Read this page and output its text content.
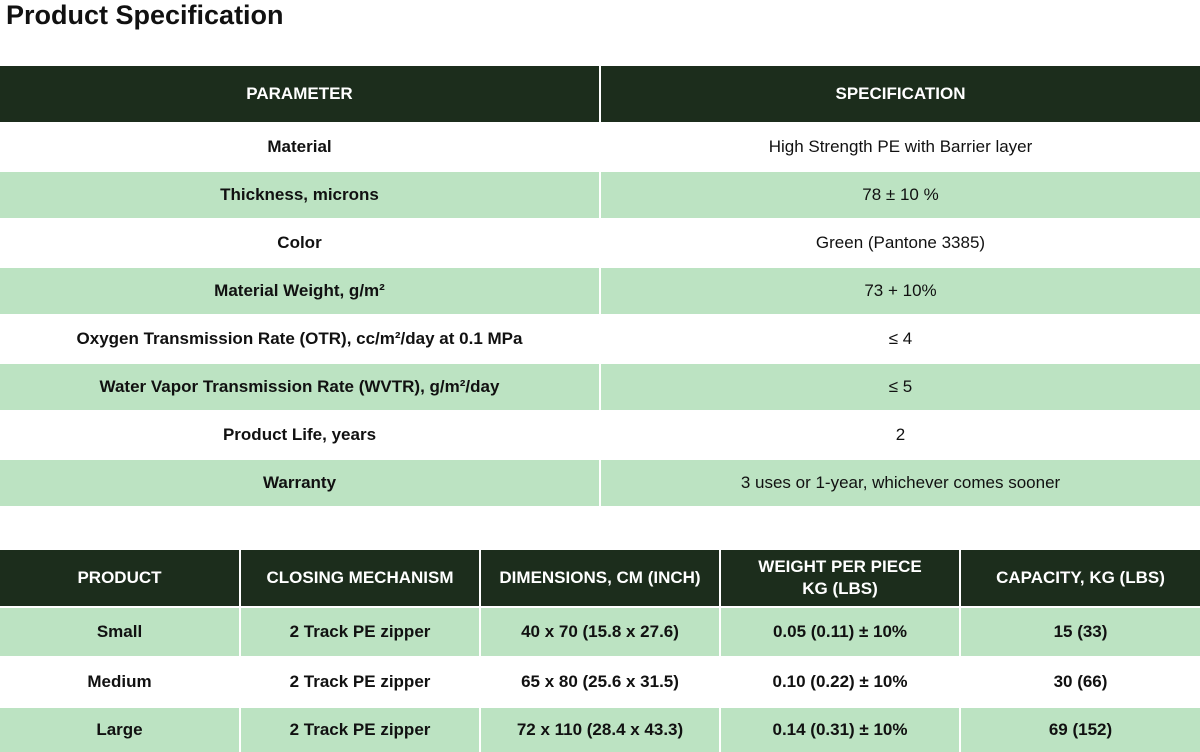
Product Specification
PARAMETER	SPECIFICATION
Material	High Strength PE with Barrier layer
Thickness, microns	78 ± 10 %
Color	Green (Pantone 3385)
Material Weight, g/m²	73 + 10%
Oxygen Transmission Rate (OTR), cc/m²/day at 0.1 MPa	≤ 4
Water Vapor Transmission Rate (WVTR), g/m²/day	≤ 5
Product Life, years	2
Warranty	3 uses or 1-year, whichever comes sooner
PRODUCT	CLOSING MECHANISM	DIMENSIONS, CM (INCH)	WEIGHT PER PIECE KG (LBS)	CAPACITY, KG (LBS)
Small	2 Track PE zipper	40 x 70 (15.8 x 27.6)	0.05 (0.11) ± 10%	15 (33)
Medium	2 Track PE zipper	65 x 80 (25.6 x 31.5)	0.10 (0.22) ± 10%	30 (66)
Large	2 Track PE zipper	72 x 110 (28.4 x 43.3)	0.14 (0.31) ± 10%	69 (152)
